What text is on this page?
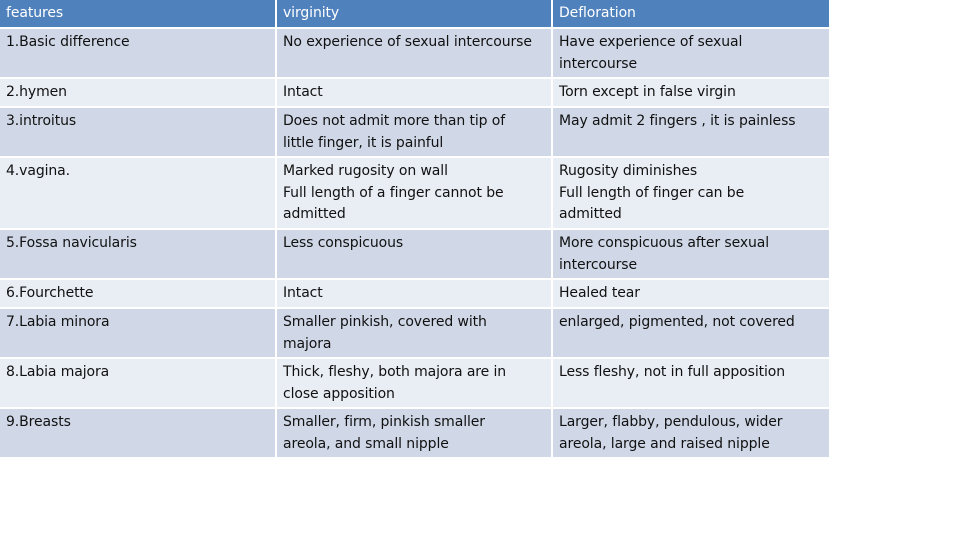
features	virginity	Defloration

1.Basic difference	No experience of sexual intercourse	Have experience of sexual
intercourse

2.hymen	Intact	Torn except in false virgin

3.introitus	Does not admit more than tip of
little finger, it is painful	May admit 2 fingers , it is painless

4.vagina.	Marked rugosity on wall
Full length of a finger cannot be
admitted	Rugosity diminishes
Full length of finger can be
admitted

5.Fossa navicularis	Less conspicuous	More conspicuous after sexual
intercourse

6.Fourchette	Intact	Healed tear

7.Labia minora	Smaller pinkish, covered with
majora	enlarged, pigmented, not covered

8.Labia majora	Thick, fleshy, both majora are in
close apposition	Less fleshy, not in full apposition

9.Breasts	Smaller, firm, pinkish smaller
areola, and small nipple	Larger, flabby, pendulous, wider
areola, large and raised nipple
